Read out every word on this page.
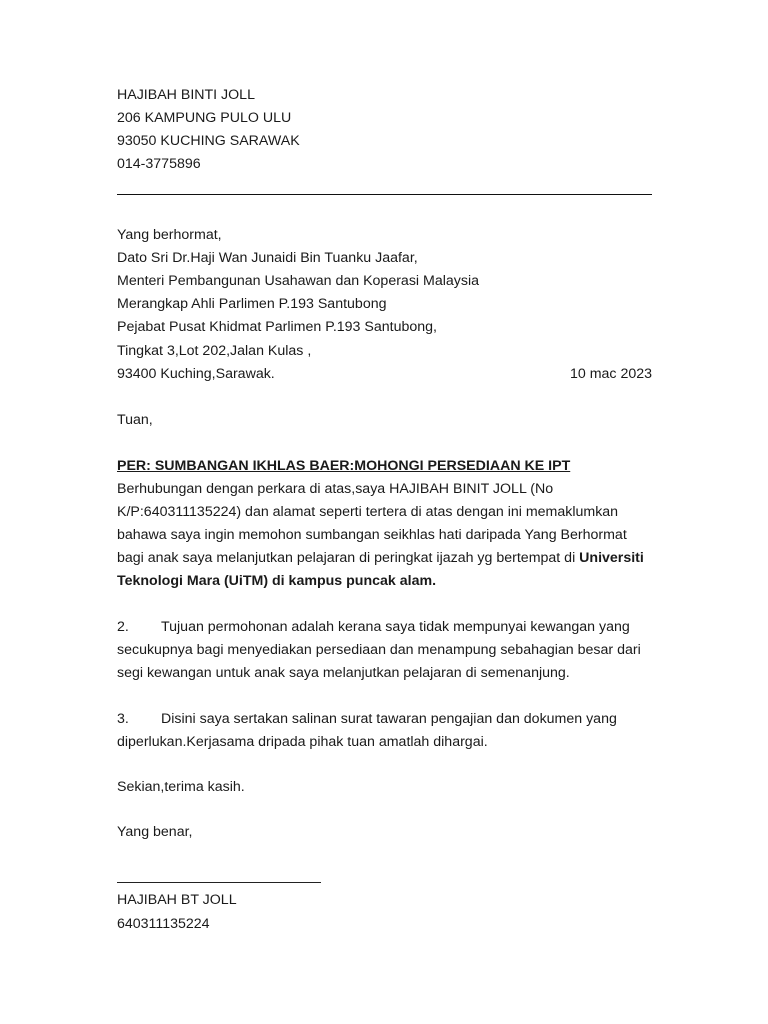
HAJIBAH BINTI JOLL
206 KAMPUNG PULO ULU
93050 KUCHING SARAWAK
014-3775896
Yang berhormat,
Dato Sri Dr.Haji Wan Junaidi Bin Tuanku Jaafar,
Menteri Pembangunan Usahawan dan Koperasi Malaysia
Merangkap Ahli Parlimen P.193 Santubong
Pejabat Pusat Khidmat Parlimen P.193 Santubong,
Tingkat 3,Lot 202,Jalan Kulas ,
93400 Kuching,Sarawak.	10 mac 2023
Tuan,
PER: SUMBANGAN IKHLAS BAER:MOHONGI PERSEDIAAN KE IPT
Berhubungan dengan perkara di atas,saya HAJIBAH BINIT JOLL (No
K/P:640311135224) dan alamat seperti tertera di atas dengan ini memaklumkan
bahawa saya ingin memohon sumbangan seikhlas hati daripada Yang Berhormat
bagi anak saya melanjutkan pelajaran di peringkat ijazah yg bertempat di Universiti
Teknologi Mara (UiTM) di kampus puncak alam.
2. Tujuan permohonan adalah kerana saya tidak mempunyai kewangan yang
secukupnya bagi menyediakan persediaan dan menampung sebahagian besar dari
segi kewangan untuk anak saya melanjutkan pelajaran di semenanjung.
3. Disini saya sertakan salinan surat tawaran pengajian dan dokumen yang
diperlukan.Kerjasama dripada pihak tuan amatlah dihargai.
Sekian,terima kasih.
Yang benar,
HAJIBAH BT JOLL
640311135224
